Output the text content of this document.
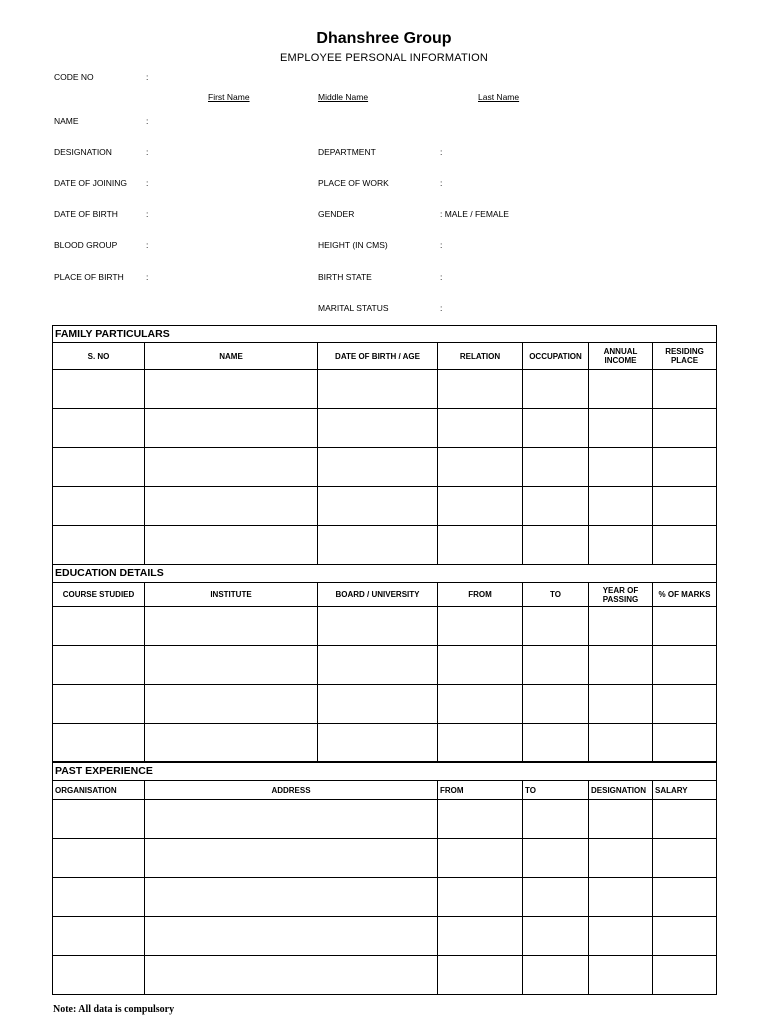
Dhanshree Group
EMPLOYEE PERSONAL INFORMATION
CODE NO	:
First Name	Middle Name	Last Name
NAME	:
DESIGNATION	:	DEPARTMENT	:
DATE OF JOINING :	PLACE OF WORK	:
DATE OF BIRTH	:	GENDER	: MALE / FEMALE
BLOOD GROUP	:	HEIGHT (IN CMS)	:
PLACE OF BIRTH	:	BIRTH STATE	:
MARITAL STATUS	:
FAMILY PARTICULARS						
S. NO	NAME	DATE OF BIRTH / AGE	RELATION	OCCUPATION	ANNUAL INCOME	RESIDING PLACE

EDUCATION DETAILS						
COURSE STUDIED	INSTITUTE	BOARD / UNIVERSITY	FROM	TO	YEAR OF PASSING	% OF MARKS

PAST EXPERIENCE					
ORGANISATION	ADDRESS	FROM	TO	DESIGNATION	SALARY

Note: All data is compulsory
